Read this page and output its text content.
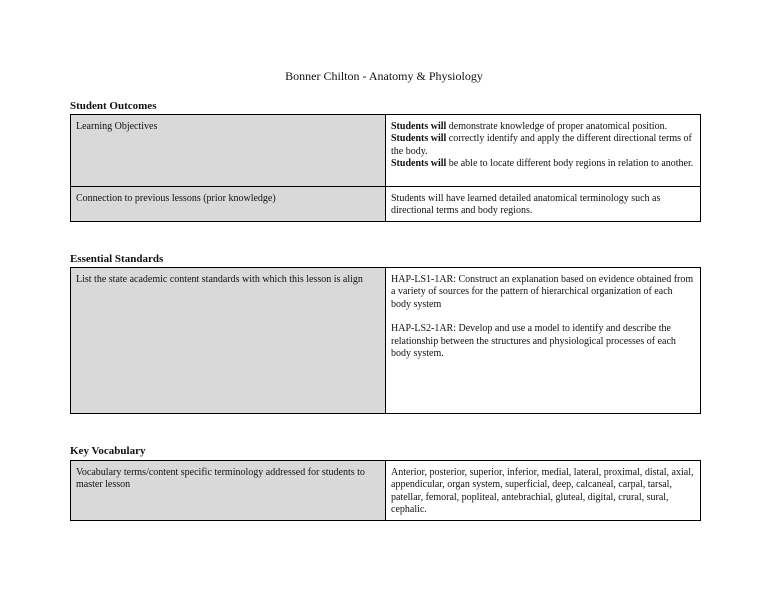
Bonner Chilton - Anatomy & Physiology
Student Outcomes
Learning Objectives	Students will demonstrate knowledge of proper anatomical position.
Students will correctly identify and apply the different directional terms of the body.
Students will be able to locate different body regions in relation to another.

Connection to previous lessons (prior knowledge)	Students will have learned detailed anatomical terminology such as directional terms and body regions.
Essential Standards
List the state academic content standards with which this lesson is align	HAP-LS1-1AR: Construct an explanation based on evidence obtained from a variety of sources for the pattern of hierarchical organization of each body system
HAP-LS2-1AR: Develop and use a model to identify and describe the relationship between the structures and physiological processes of each body system.
Key Vocabulary
Vocabulary terms/content specific terminology addressed for students to master lesson	Anterior, posterior, superior, inferior, medial, lateral, proximal, distal, axial, appendicular, organ system, superficial, deep, calcaneal, carpal, tarsal, patellar, femoral, popliteal, antebrachial, gluteal, digital, crural, sural, cephalic.
